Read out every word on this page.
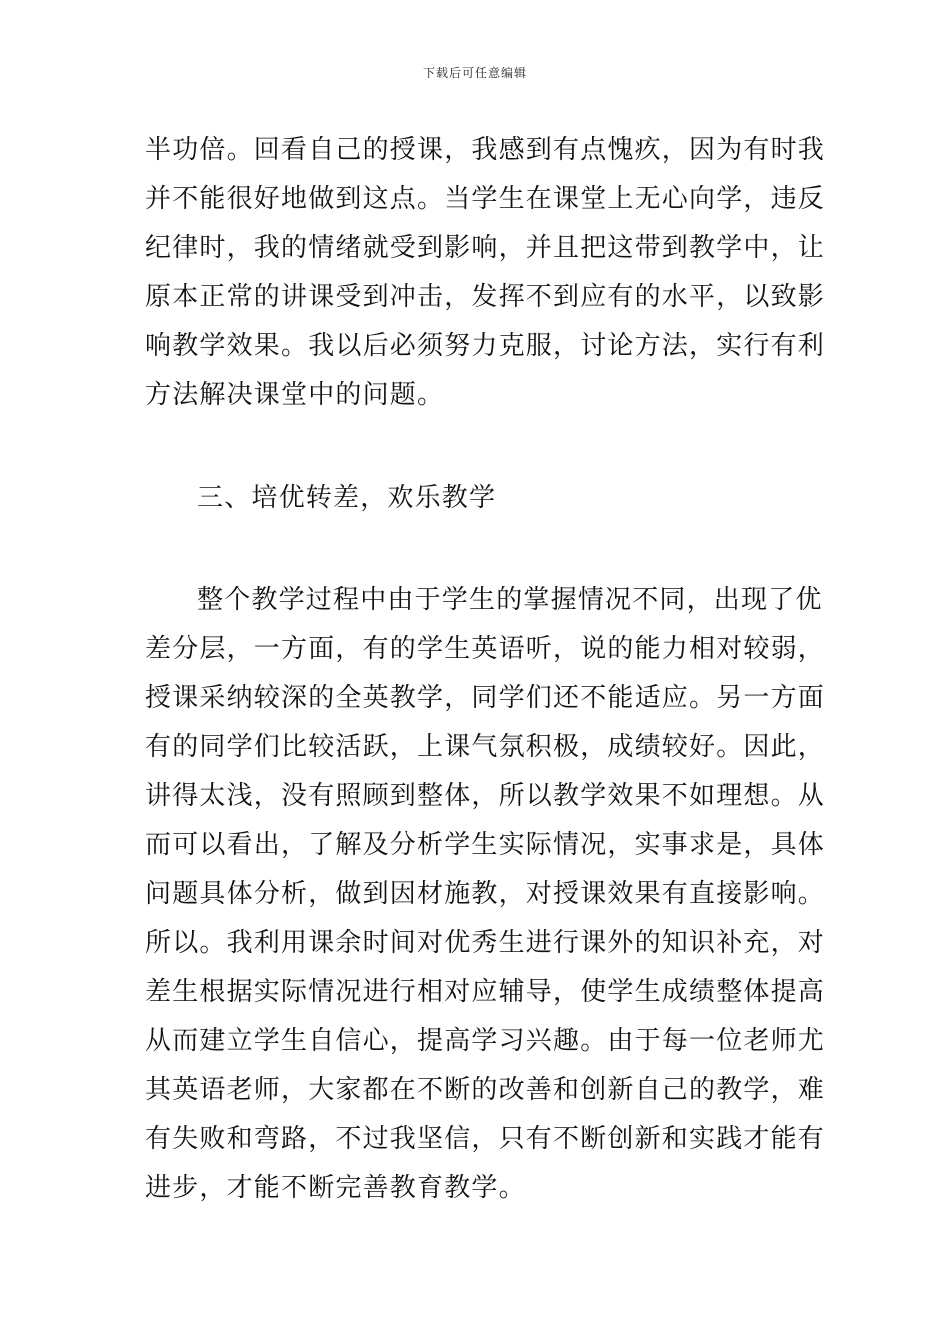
下载后可任意编辑
半功倍。回看自己的授课，我感到有点愧疚，因为有时我
并不能很好地做到这点。当学生在课堂上无心向学，违反
纪律时，我的情绪就受到影响，并且把这带到教学中，让
原本正常的讲课受到冲击，发挥不到应有的水平，以致影
响教学效果。我以后必须努力克服，讨论方法，实行有利
方法解决课堂中的问题。
三、培优转差，欢乐教学
整个教学过程中由于学生的掌握情况不同，出现了优
差分层，一方面，有的学生英语听，说的能力相对较弱，
授课采纳较深的全英教学，同学们还不能适应。另一方面
有的同学们比较活跃，上课气氛积极，成绩较好。因此，
讲得太浅，没有照顾到整体，所以教学效果不如理想。从
而可以看出，了解及分析学生实际情况，实事求是，具体
问题具体分析，做到因材施教，对授课效果有直接影响。
所以。我利用课余时间对优秀生进行课外的知识补充，对
差生根据实际情况进行相对应辅导，使学生成绩整体提高
从而建立学生自信心，提高学习兴趣。由于每一位老师尤
其英语老师，大家都在不断的改善和创新自己的教学，难
有失败和弯路，不过我坚信，只有不断创新和实践才能有
进步，才能不断完善教育教学。
